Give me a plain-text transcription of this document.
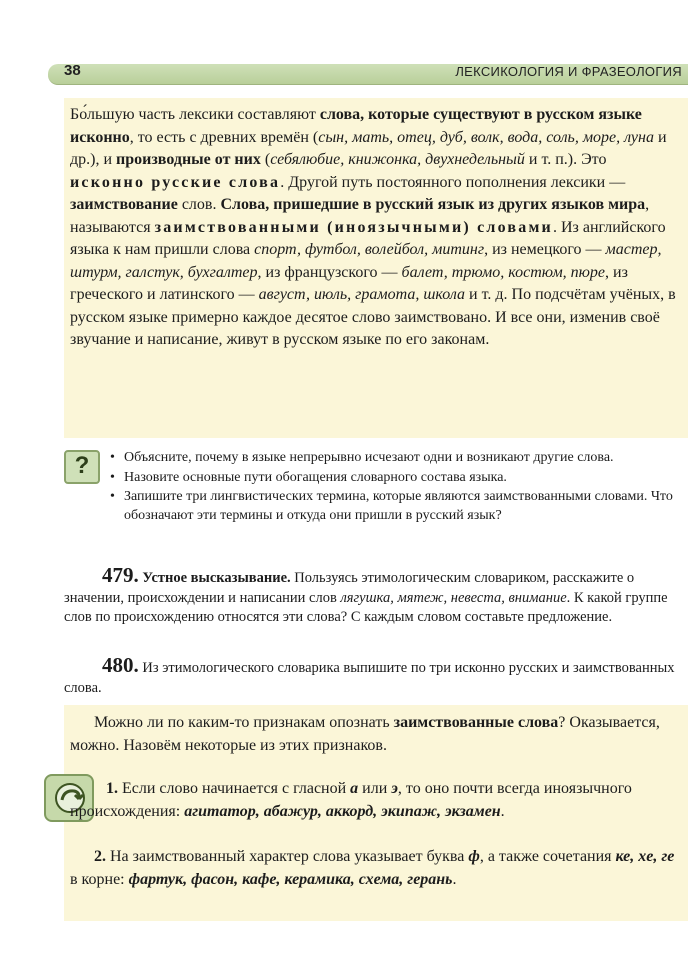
38	ЛЕКСИКОЛОГИЯ И ФРАЗЕОЛОГИЯ

Бо́льшую часть лексики составляют слова, которые существуют в русском языке исконно, то есть с древних времён (сын, мать, отец, дуб, волк, вода, соль, море, луна и др.), и производные от них (себялюбие, книжонка, двухнедельный и т. п.). Это исконно русские слова. Другой путь постоянного пополнения лексики — заимствование слов. Слова, пришедшие в русский язык из других языков мира, называются заимствованными (иноязычными) словами. Из английского языка к нам пришли слова спорт, футбол, волейбол, митинг, из немецкого — мастер, штурм, галстук, бухгалтер, из французского — балет, трюмо, костюм, пюре, из греческого и латинского — август, июль, грамота, школа и т. д. По подсчётам учёных, в русском языке примерно каждое десятое слово заимствовано. И все они, изменив своё звучание и написание, живут в русском языке по его законам.

?
•	Объясните, почему в языке непрерывно исчезают одни и возникают другие слова.
• Назовите основные пути обогащения словарного состава языка.
• Запишите три лингвистических термина, которые являются заимствованными словами. Что обозначают эти термины и откуда они пришли в русский язык?

479. Устное высказывание. Пользуясь этимологическим словариком, расскажите о значении, происхождении и написании слов лягушка, мятеж, невеста, внимание. К какой группе слов по происхождению относятся эти слова? С каждым словом составьте предложение.

480. Из этимологического словарика выпишите по три исконно русских и заимствованных слова.

Можно ли по каким-то признакам опознать заимствованные слова? Оказывается, можно. Назовём некоторые из этих признаков.

1. Если слово начинается с гласной а или э, то оно почти всегда иноязычного происхождения: агитатор, абажур, аккорд, экипаж, экзамен.

2. На заимствованный характер слова указывает буква ф, а также сочетания ке, хе, ге в корне: фартук, фасон, кафе, керамика, схема, герань.
